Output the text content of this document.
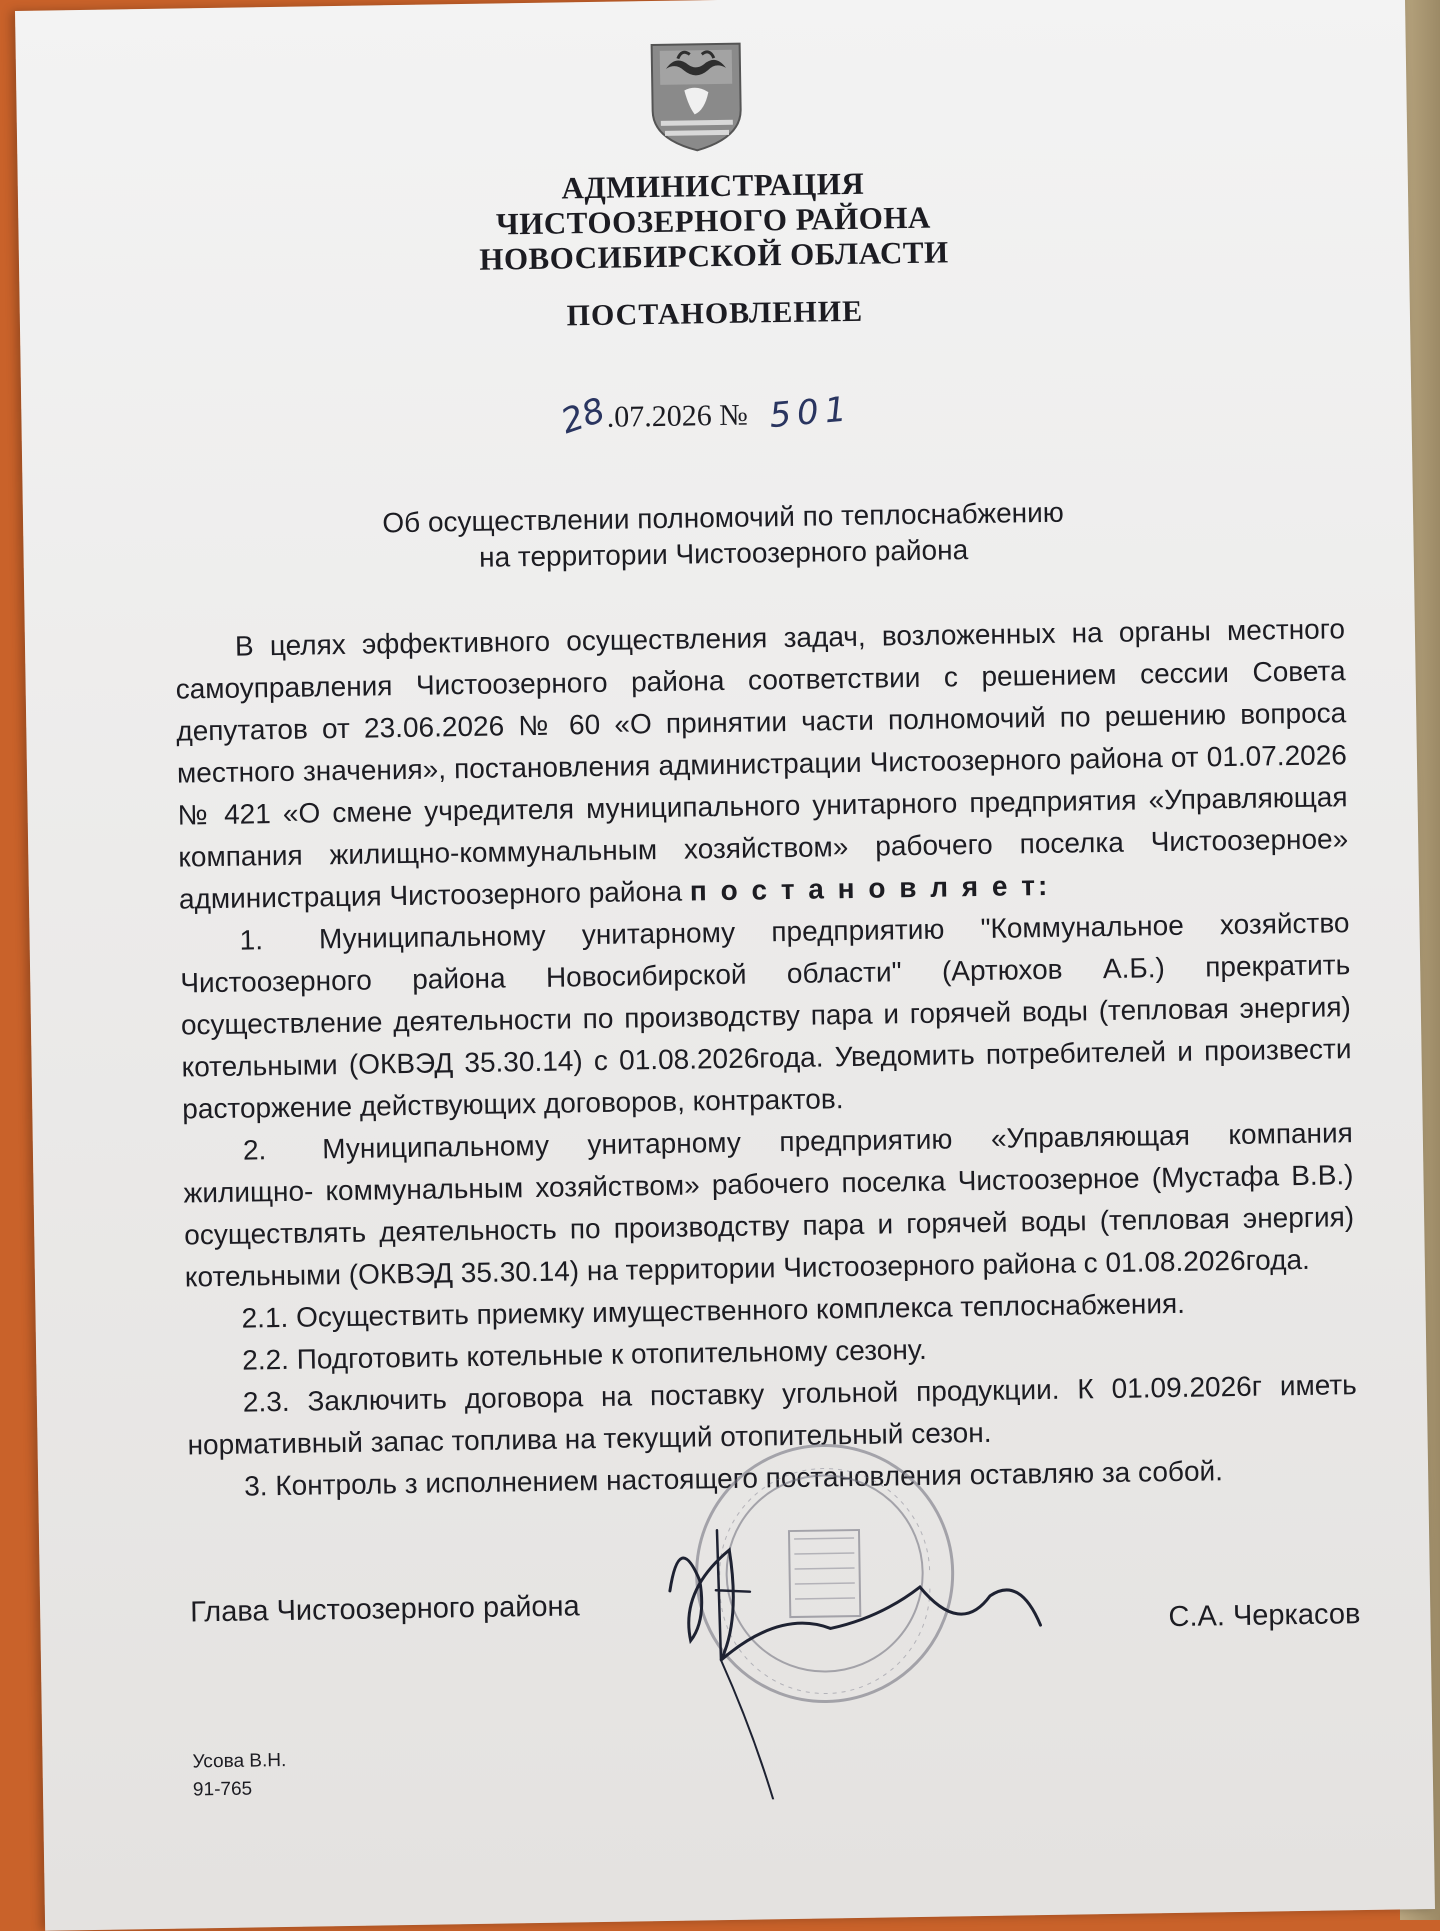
АДМИНИСТРАЦИЯ
ЧИСТООЗЕРНОГО РАЙОНА
НОВОСИБИРСКОЙ ОБЛАСТИ
ПОСТАНОВЛЕНИЕ
28.07.2026 № 501
Об осуществлении полномочий по теплоснабжению
на территории Чистоозерного района

В целях эффективного осуществления задач, возложенных на органы местного самоуправления Чистоозерного района соответствии с решением сессии Совета депутатов от 23.06.2026 № 60 «О принятии части полномочий по решению вопроса местного значения», постановления администрации Чистоозерного района от 01.07.2026 № 421 «О смене учредителя муниципального унитарного предприятия «Управляющая компания жилищно-коммунальным хозяйством» рабочего поселка Чистоозерное» администрация Чистоозерного района п о с т а н о в л я е т:

1.  Муниципальному унитарному предприятию "Коммунальное хозяйство Чистоозерного района Новосибирской области" (Артюхов А.Б.) прекратить осуществление деятельности по производству пара и горячей воды (тепловая энергия) котельными (ОКВЭД 35.30.14) с 01.08.2026года. Уведомить потребителей и произвести расторжение действующих договоров, контрактов.

2.  Муниципальному унитарному предприятию «Управляющая компания жилищно- коммунальным хозяйством» рабочего поселка Чистоозерное (Мустафа В.В.) осуществлять деятельность по производству пара и горячей воды (тепловая энергия) котельными (ОКВЭД 35.30.14) на территории Чистоозерного района с 01.08.2026года.

2.1. Осуществить приемку имущественного комплекса теплоснабжения.

2.2. Подготовить котельные к отопительному сезону.

2.3. Заключить договора на поставку угольной продукции. К 01.09.2026г иметь нормативный запас топлива на текущий отопительный сезон.

3. Контроль з исполнением настоящего постановления оставляю за собой.

Глава Чистоозерного района	С.А. Черкасов
Усова В.Н.
91-765
